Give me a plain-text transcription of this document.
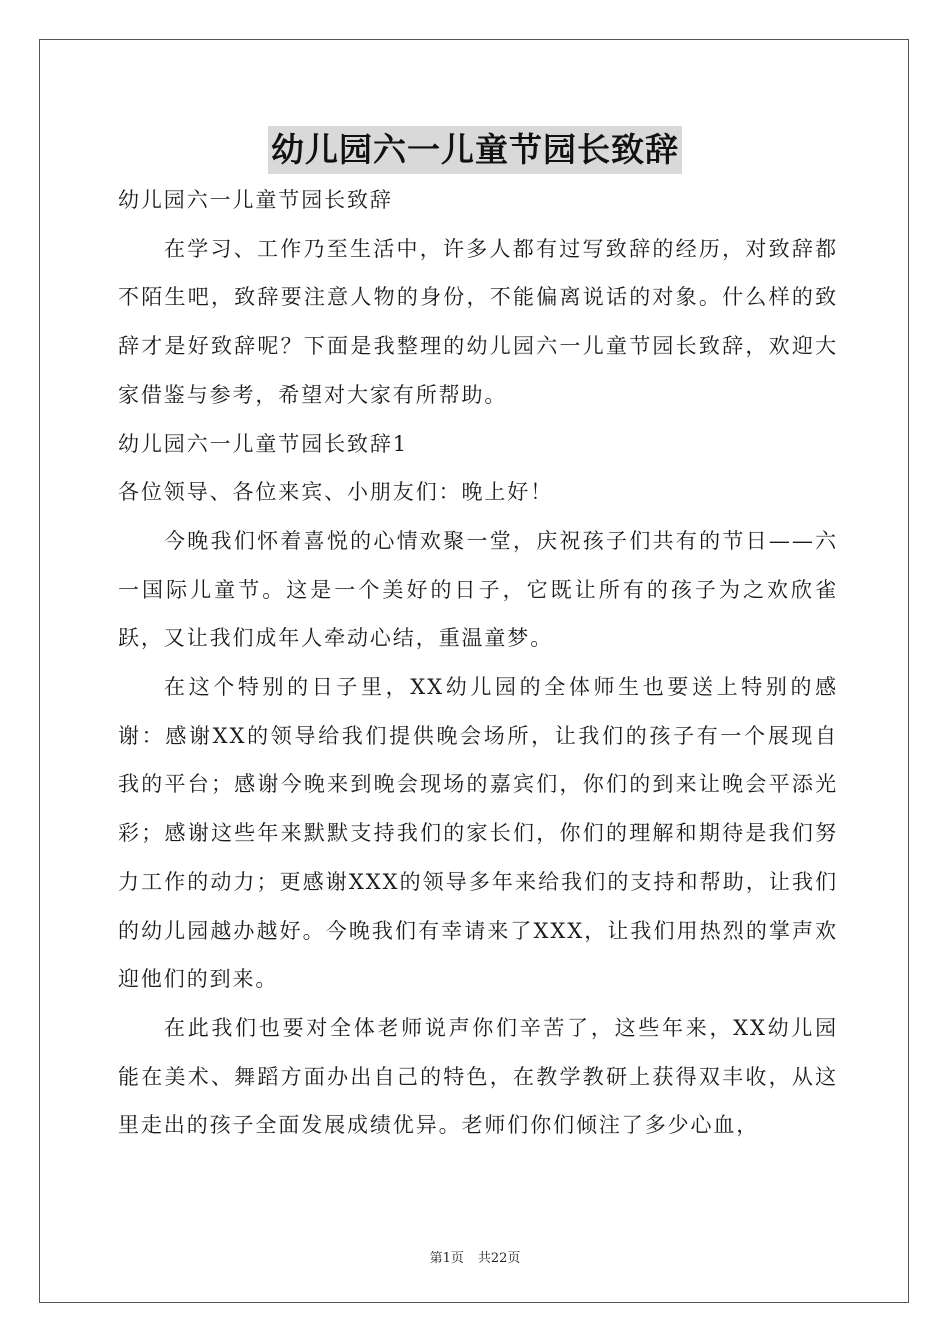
幼儿园六一儿童节园长致辞

幼儿园六一儿童节园长致辞

在学习、工作乃至生活中，许多人都有过写致辞的经历，对致辞都不陌生吧，致辞要注意人物的身份，不能偏离说话的对象。什么样的致辞才是好致辞呢？下面是我整理的幼儿园六一儿童节园长致辞，欢迎大家借鉴与参考，希望对大家有所帮助。

幼儿园六一儿童节园长致辞1

各位领导、各位来宾、小朋友们：晚上好！

今晚我们怀着喜悦的心情欢聚一堂，庆祝孩子们共有的节日——六一国际儿童节。这是一个美好的日子，它既让所有的孩子为之欢欣雀跃，又让我们成年人牵动心结，重温童梦。

在这个特别的日子里，XX幼儿园的全体师生也要送上特别的感谢：感谢XX的领导给我们提供晚会场所，让我们的孩子有一个展现自我的平台；感谢今晚来到晚会现场的嘉宾们，你们的到来让晚会平添光彩；感谢这些年来默默支持我们的家长们，你们的理解和期待是我们努力工作的动力；更感谢XXX的领导多年来给我们的支持和帮助，让我们的幼儿园越办越好。今晚我们有幸请来了XXX，让我们用热烈的掌声欢迎他们的到来。

在此我们也要对全体老师说声你们辛苦了，这些年来，XX幼儿园能在美术、舞蹈方面办出自己的特色，在教学教研上获得双丰收，从这里走出的孩子全面发展成绩优异。老师们你们倾注了多少心血，

第1页 共22页
